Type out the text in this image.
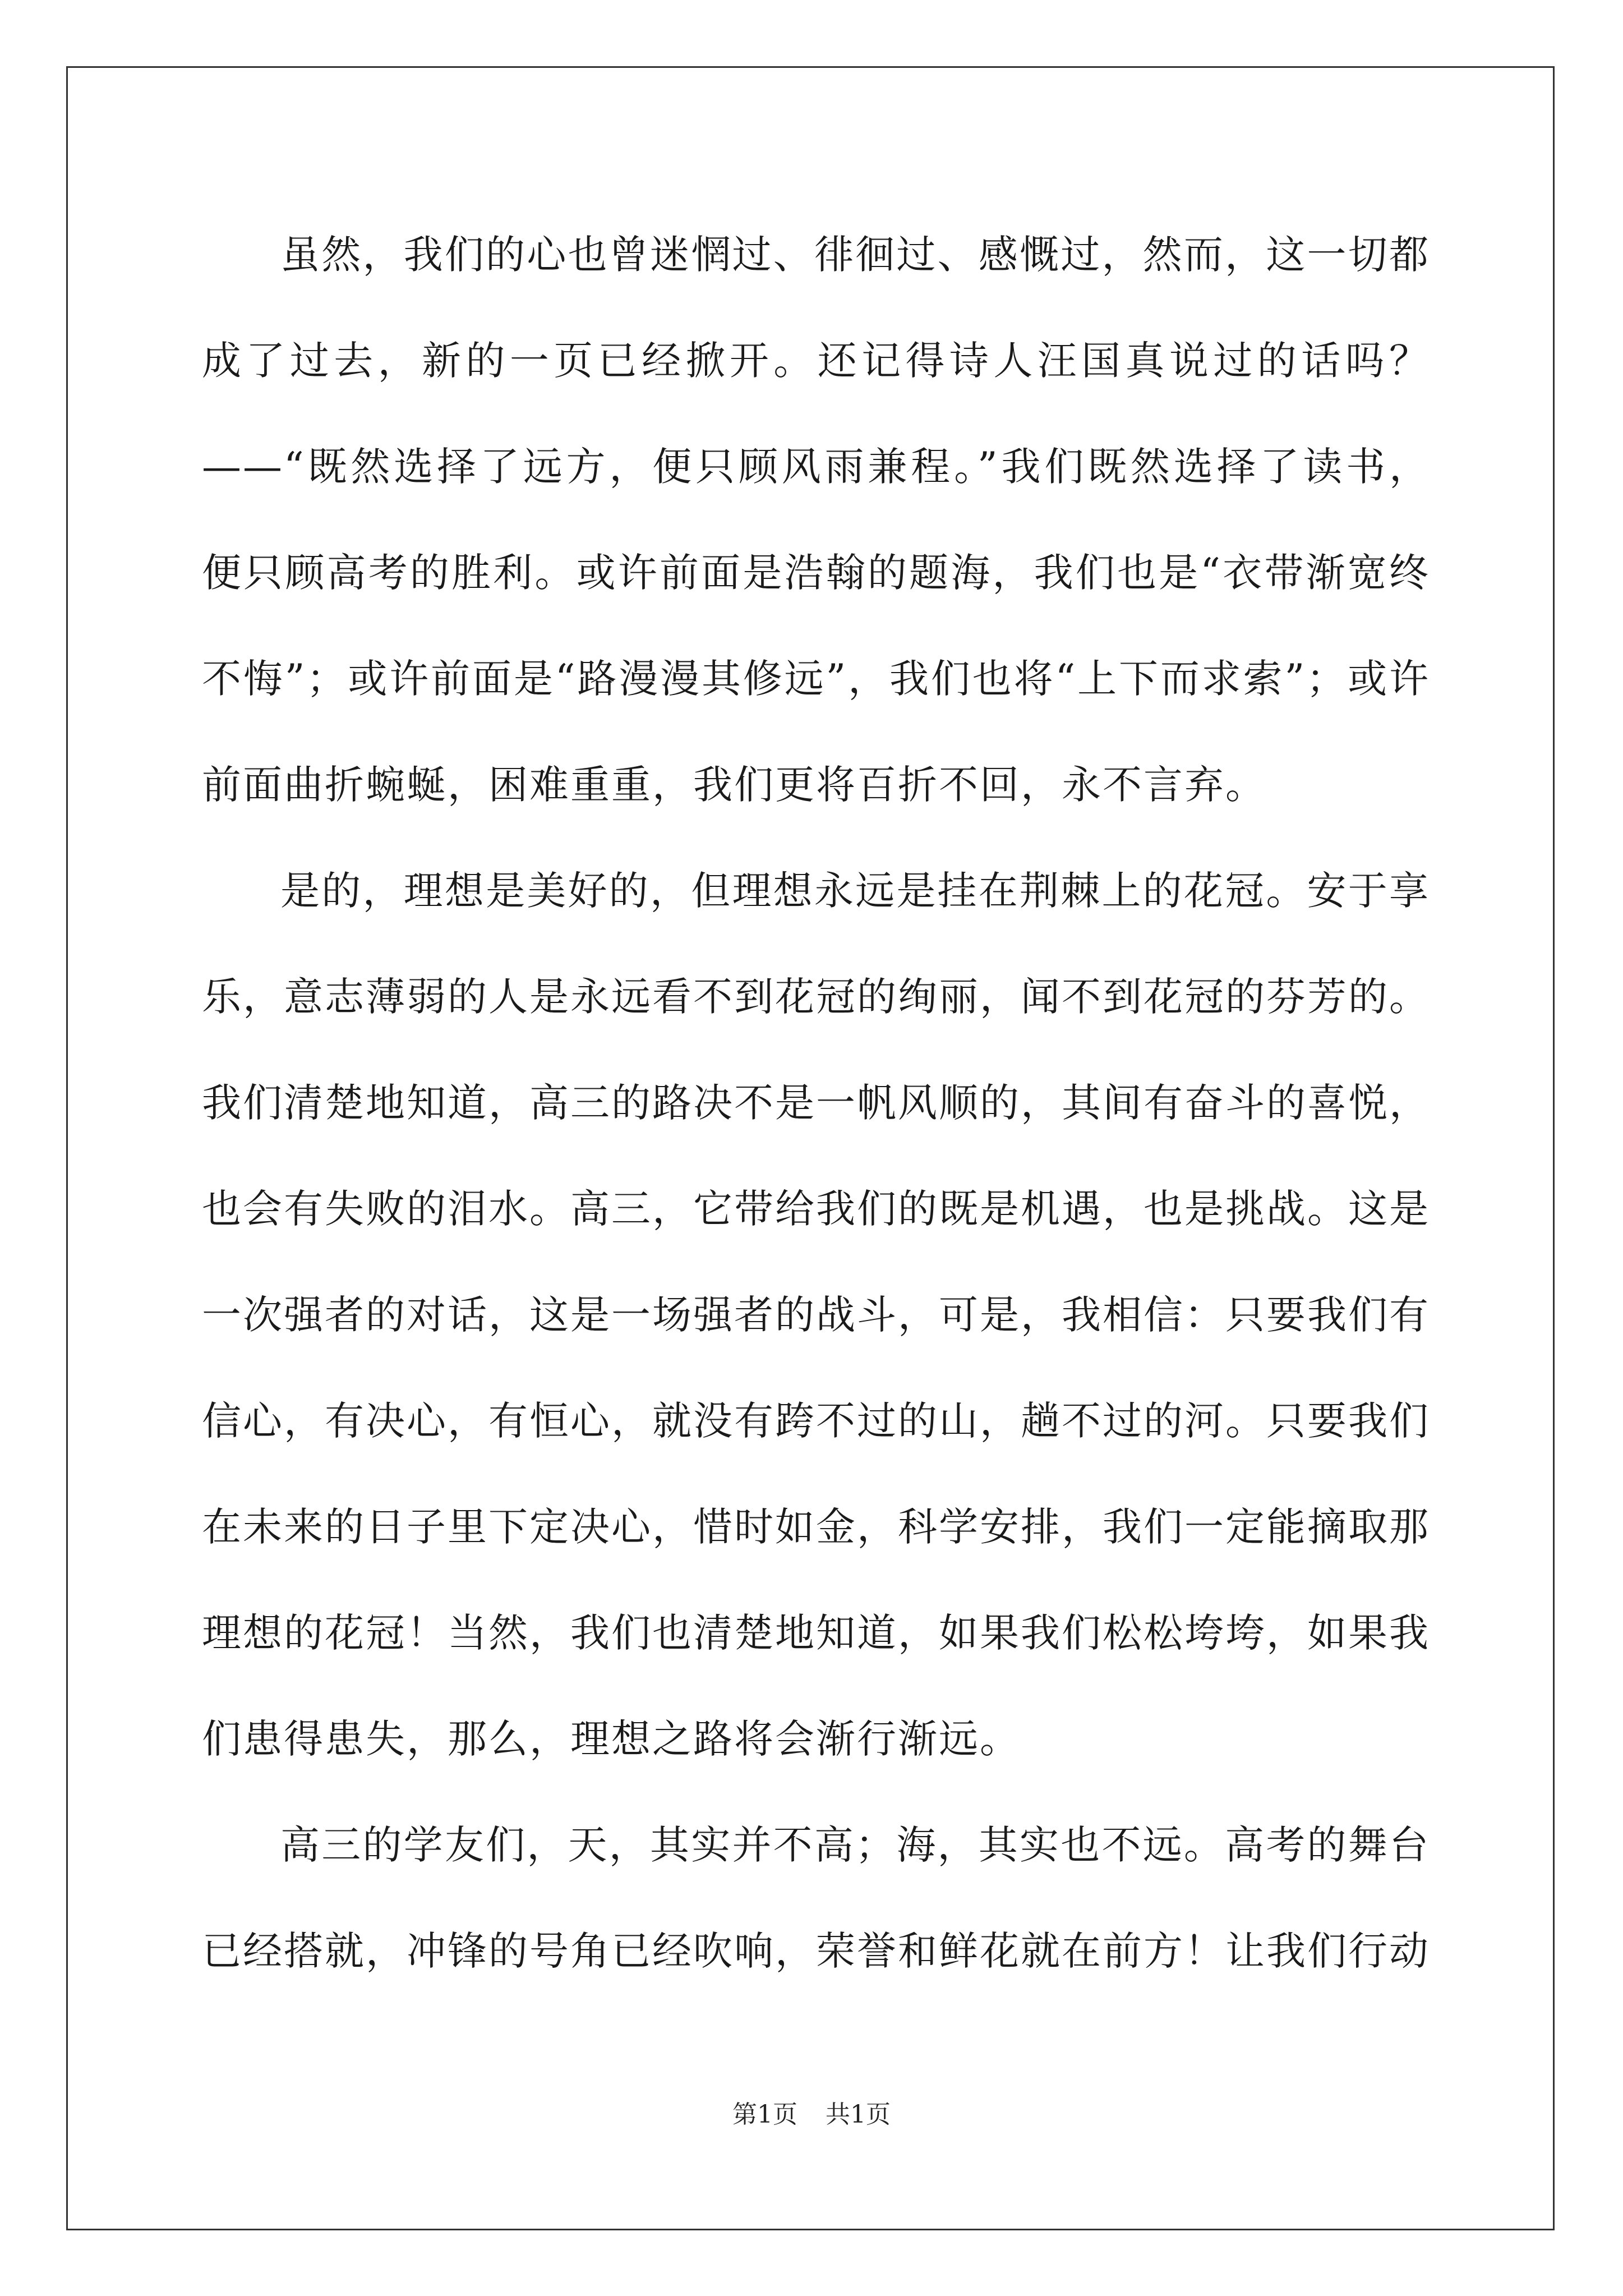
虽然，我们的心也曾迷惘过、徘徊过、感慨过，然而，这一切都
成了过去，新的一页已经掀开。还记得诗人汪国真说过的话吗？
——“既然选择了远方，便只顾风雨兼程。”我们既然选择了读书，
便只顾高考的胜利。或许前面是浩翰的题海，我们也是“衣带渐宽终
不悔”；或许前面是“路漫漫其修远”，我们也将“上下而求索”；或许
前面曲折蜿蜒，困难重重，我们更将百折不回，永不言弃。
是的，理想是美好的，但理想永远是挂在荆棘上的花冠。安于享
乐，意志薄弱的人是永远看不到花冠的绚丽，闻不到花冠的芬芳的。
我们清楚地知道，高三的路决不是一帆风顺的，其间有奋斗的喜悦，
也会有失败的泪水。高三，它带给我们的既是机遇，也是挑战。这是
一次强者的对话，这是一场强者的战斗，可是，我相信：只要我们有
信心，有决心，有恒心，就没有跨不过的山，趟不过的河。只要我们
在未来的日子里下定决心，惜时如金，科学安排，我们一定能摘取那
理想的花冠！当然，我们也清楚地知道，如果我们松松垮垮，如果我
们患得患失，那么，理想之路将会渐行渐远。
高三的学友们，天，其实并不高；海，其实也不远。高考的舞台
已经搭就，冲锋的号角已经吹响，荣誉和鲜花就在前方！让我们行动
第1页 共1页
